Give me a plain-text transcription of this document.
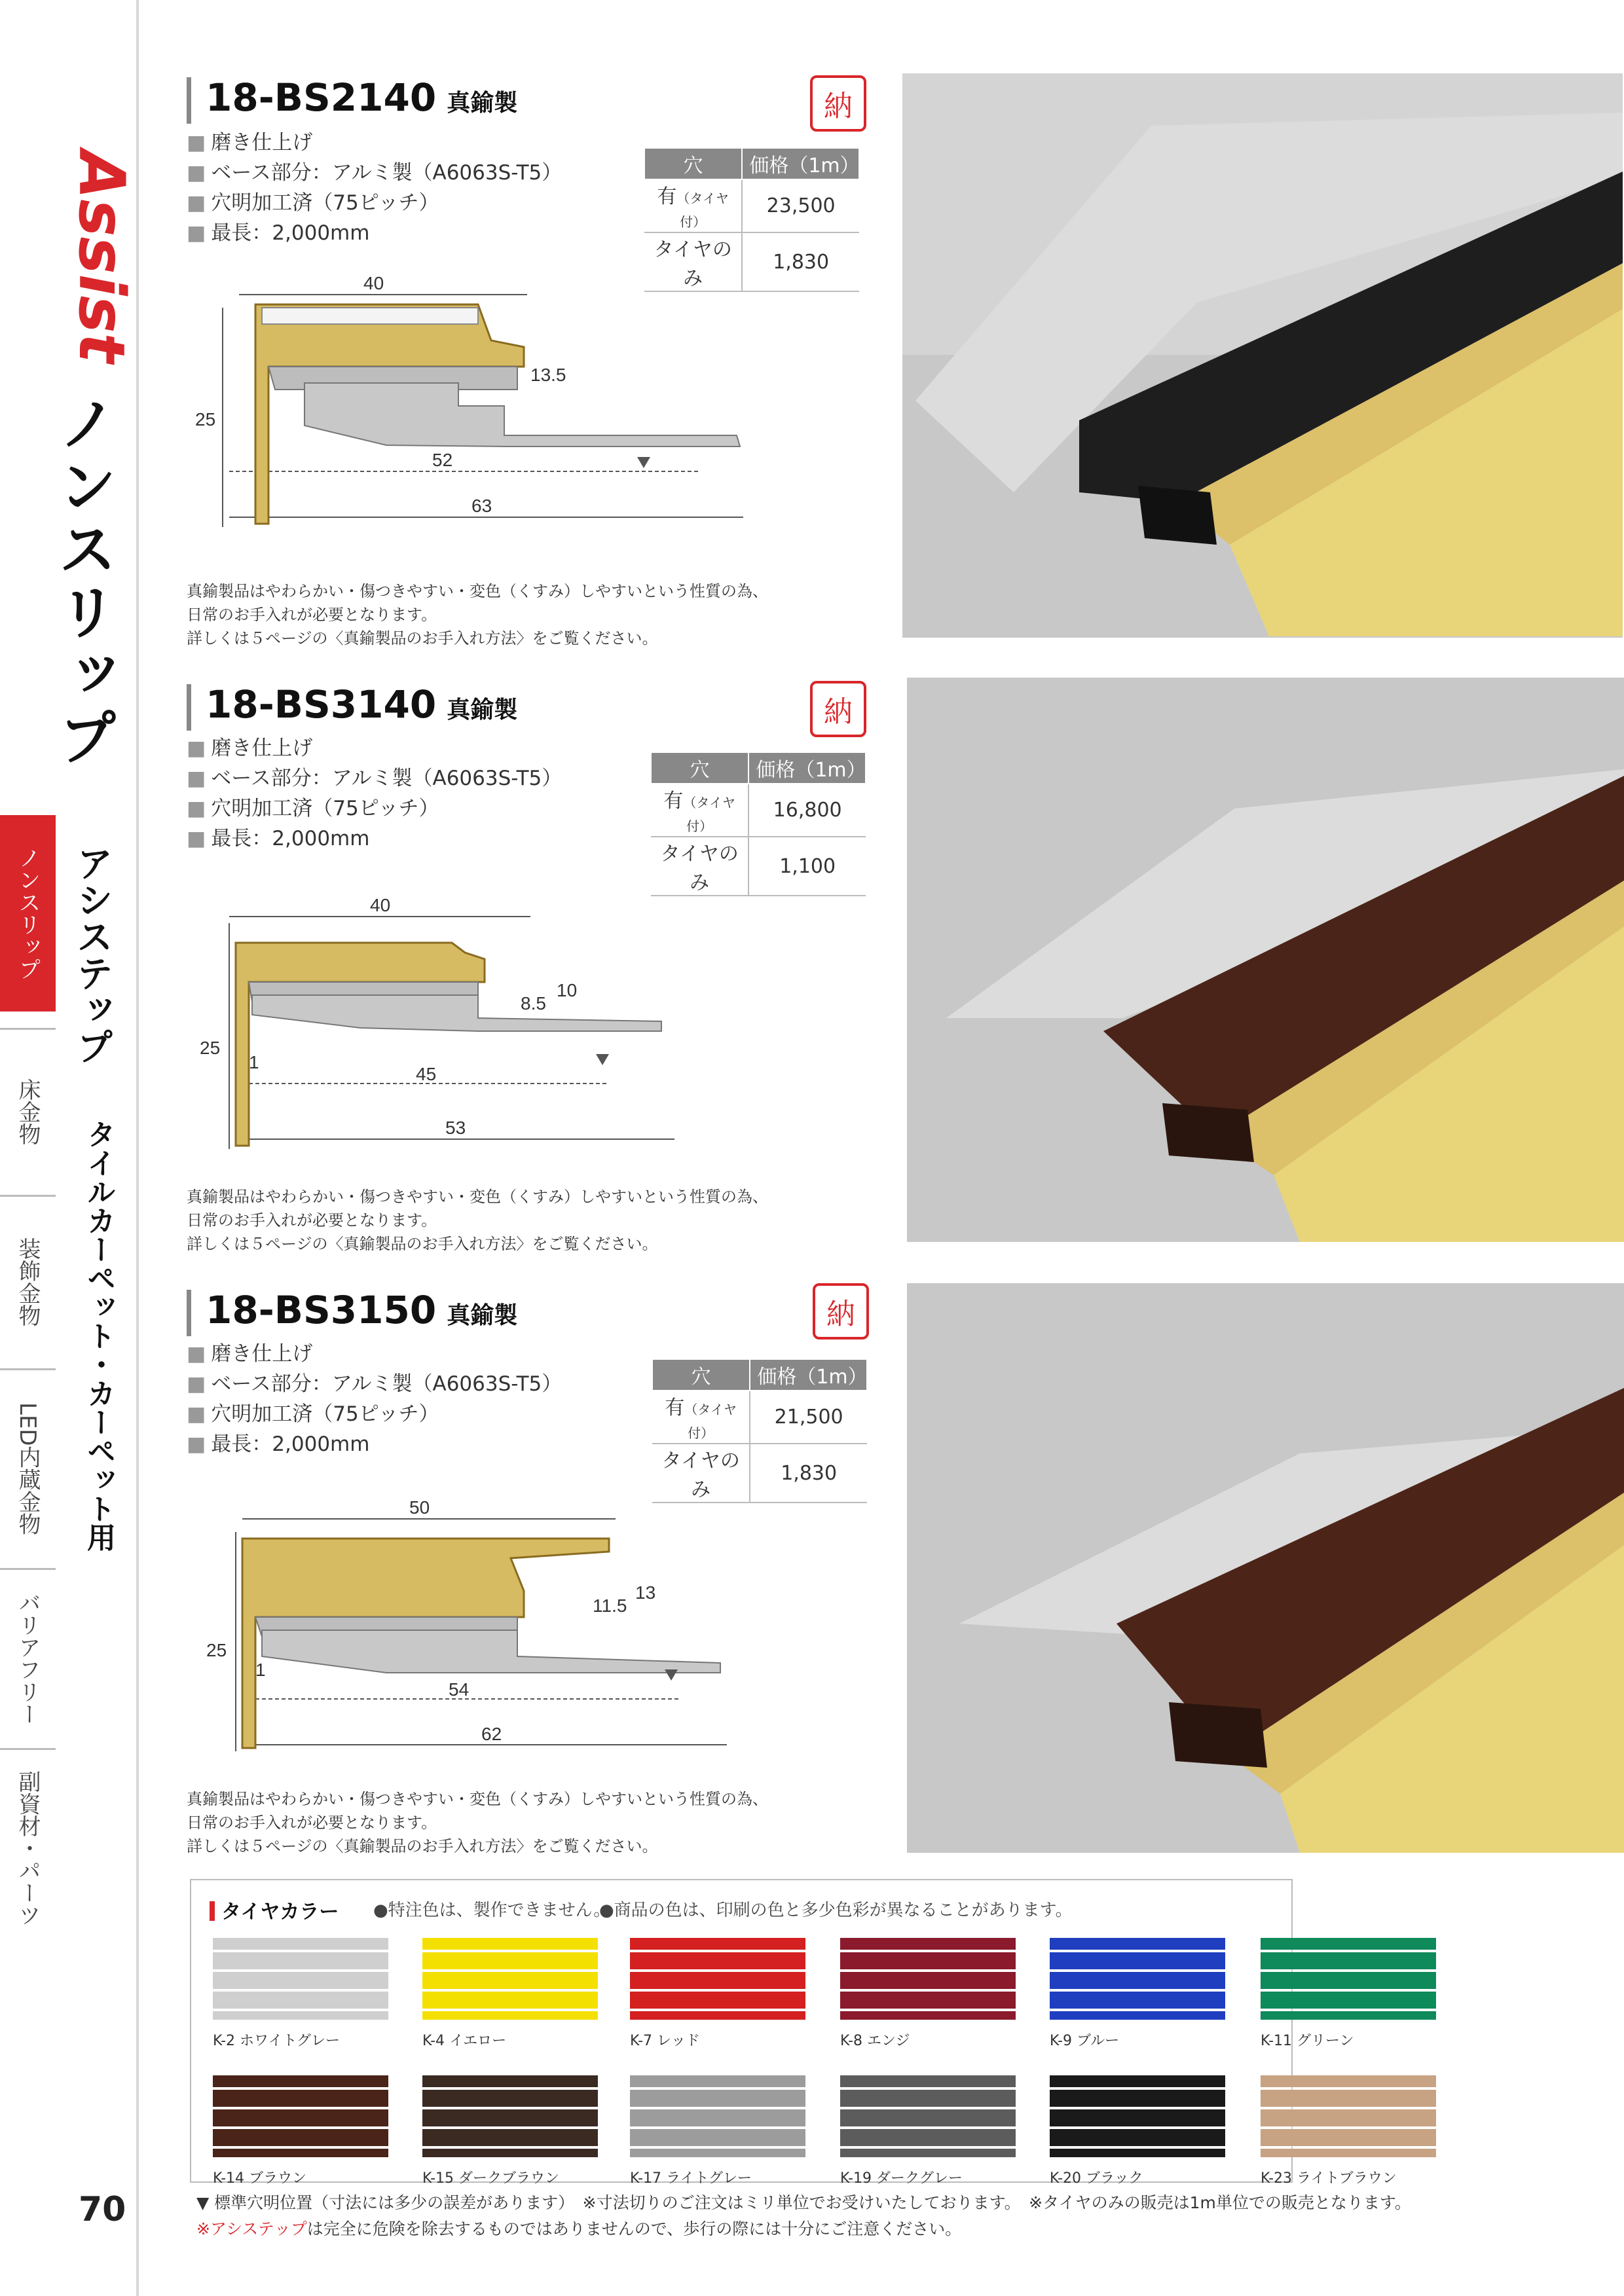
Assist
ノンスリップ
ノンスリップ
床金物
装飾金物
LED内蔵金物
バリアフリー
副資材・パーツ
アシステップ
タイルカーペット・カーペット用
70
18-BS2140 真鍮製	納
■ 磨き仕上げ
■ ベース部分：アルミ製（A6063S-T5）
■ 穴明加工済（75ピッチ）
■ 最長：2,000mm
穴	価格（1m）
有（タイヤ付）	23,500
タイヤのみ	1,830
40
13.5
25
52
63
真鍮製品はやわらかい・傷つきやすい・変色（くすみ）しやすいという性質の為、
日常のお手入れが必要となります。
詳しくは５ページの〈真鍮製品のお手入れ方法〉をご覧ください。
18-BS3140 真鍮製	納
■ 磨き仕上げ
■ ベース部分：アルミ製（A6063S-T5）
■ 穴明加工済（75ピッチ）
■ 最長：2,000mm
穴	価格（1m）
有（タイヤ付）	16,800
タイヤのみ	1,100
40
8.5
10
25
1
45
53
真鍮製品はやわらかい・傷つきやすい・変色（くすみ）しやすいという性質の為、
日常のお手入れが必要となります。
詳しくは５ページの〈真鍮製品のお手入れ方法〉をご覧ください。
18-BS3150 真鍮製	納
■ 磨き仕上げ
■ ベース部分：アルミ製（A6063S-T5）
■ 穴明加工済（75ピッチ）
■ 最長：2,000mm
穴	価格（1m）
有（タイヤ付）	21,500
タイヤのみ	1,830
50
11.5
13
25
1
54
62
真鍮製品はやわらかい・傷つきやすい・変色（くすみ）しやすいという性質の為、
日常のお手入れが必要となります。
詳しくは５ページの〈真鍮製品のお手入れ方法〉をご覧ください。
タイヤカラー ●特注色は、製作できません。
●商品の色は、印刷の色と多少色彩が異なることがあります。
K-2 ホワイトグレー	K-4 イエロー	K-7 レッド	K-8 エンジ	K-9 ブルー	K-11 グリーン
K-14 ブラウン	K-15 ダークブラウン	K-17 ライトグレー	K-19 ダークグレー	K-20 ブラック	K-23 ライトブラウン
▼ 標準穴明位置（寸法には多少の誤差があります）　※寸法切りのご注文はミリ単位でお受けいたしております。　※タイヤのみの販売は1m単位での販売となります。
※アシステップは完全に危険を除去するものではありませんので、歩行の際には十分にご注意ください。
